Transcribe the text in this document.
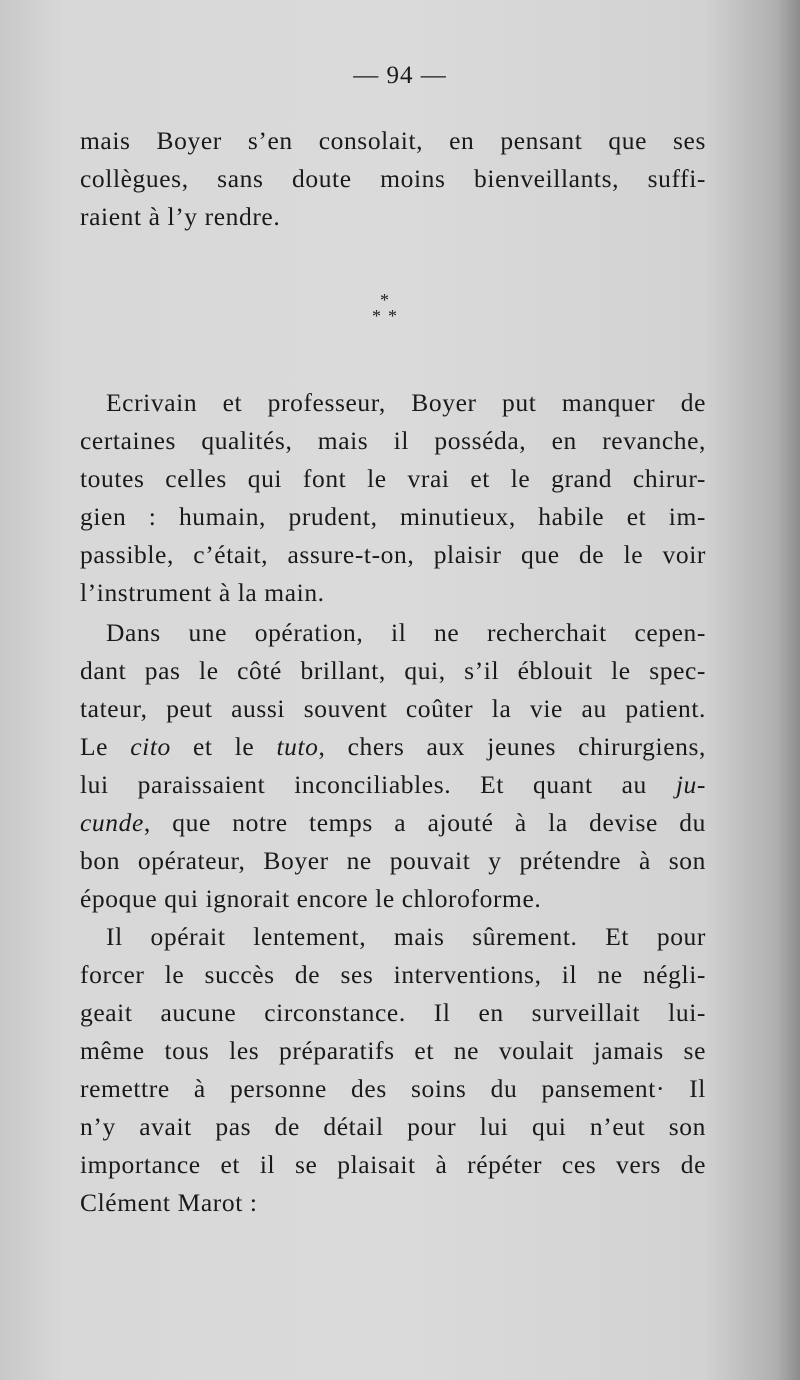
— 94 —
mais Boyer s’en consolait, en pensant que ses
collègues, sans doute moins bienveillants, suffi-
raient à l’y rendre.
*
* *
Ecrivain et professeur, Boyer put manquer de
certaines qualités, mais il posséda, en revanche,
toutes celles qui font le vrai et le grand chirur-
gien : humain, prudent, minutieux, habile et im-
passible, c’était, assure-t-on, plaisir que de le voir
l’instrument à la main.
Dans une opération, il ne recherchait cepen-
dant pas le côté brillant, qui, s’il éblouit le spec-
tateur, peut aussi souvent coûter la vie au patient.
Le cito et le tuto, chers aux jeunes chirurgiens,
lui paraissaient inconciliables. Et quant au ju-
cunde, que notre temps a ajouté à la devise du
bon opérateur, Boyer ne pouvait y prétendre à son
époque qui ignorait encore le chloroforme.
Il opérait lentement, mais sûrement. Et pour
forcer le succès de ses interventions, il ne négli-
geait aucune circonstance. Il en surveillait lui-
même tous les préparatifs et ne voulait jamais se
remettre à personne des soins du pansement· Il
n’y avait pas de détail pour lui qui n’eut son
importance et il se plaisait à répéter ces vers de
Clément Marot :
